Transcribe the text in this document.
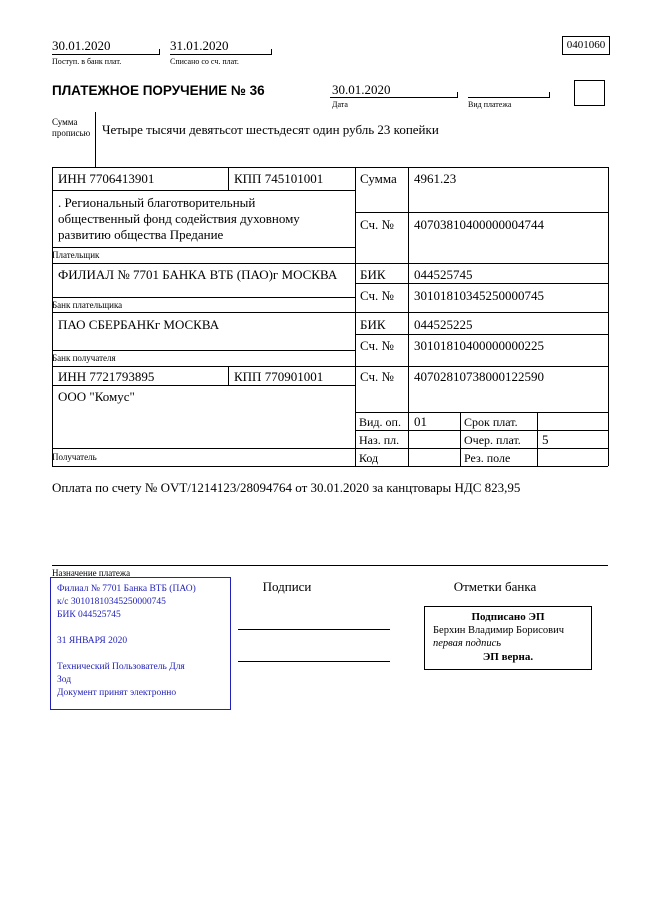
30.01.2020
Поступ. в банк плат.
31.01.2020
Списано со сч. плат.
0401060
ПЛАТЕЖНОЕ ПОРУЧЕНИЕ № 36	30.01.2020
Дата	Вид платежа
Сумма прописью Четыре тысячи девятьсот шестьдесят один рубль 23 копейки
ИНН 7706413901	КПП 745101001	Сумма 4961.23
. Региональный благотворительный общественный фонд содействия духовному развитию общества Предание
Сч. № 40703810400000004744
Плательщик
ФИЛИАЛ № 7701 БАНКА ВТБ (ПАО)г МОСКВА БИК 044525745
Сч. № 30101810345250000745
Банк плательщика
ПАО СБЕРБАНКг МОСКВА	БИК 044525225
Сч. № 30101810400000000225
Банк получателя
ИНН 7721793895	КПП 770901001	Сч. № 40702810738000122590
ООО "Комус"
Получатель
Вид. оп. 01	Срок плат.
Наз. пл.	Очер. плат. 5
Код	Рез. поле
Оплата по счету № OVT/1214123/28094764 от 30.01.2020 за канцтовары НДС 823,95
Назначение платежа
Подписи	Отметки банка
Филиал № 7701 Банка ВТБ (ПАО)
к/с 30101810345250000745
БИК 044525745
31 ЯНВАРЯ 2020
Технический Пользователь Для
Зод
Документ принят электронно
Подписано ЭП
Берхин Владимир Борисович
первая подпись
ЭП верна.
